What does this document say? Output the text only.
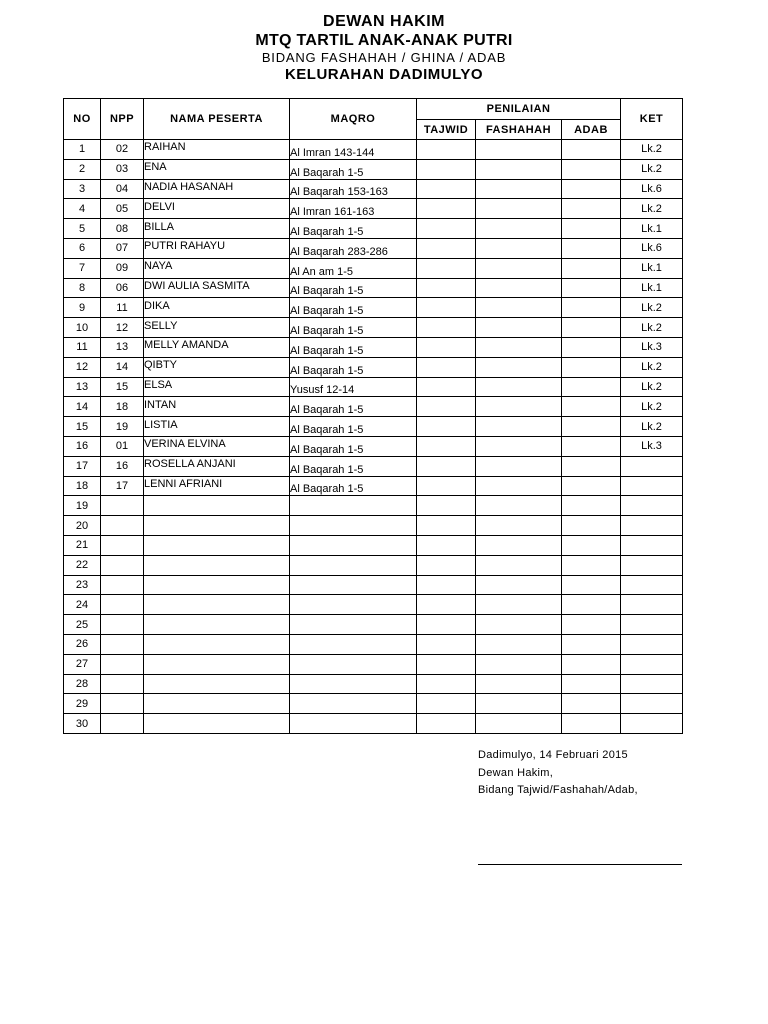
DEWAN HAKIM
MTQ TARTIL ANAK-ANAK PUTRI
BIDANG FASHAHAH / GHINA / ADAB
KELURAHAN DADIMULYO
NO	NPP	NAMA PESERTA	MAQRO	PENILAIAN			KET
				TAJWID	FASHAHAH	ADAB	
1	02	RAIHAN	Al Imran 143-144				Lk.2
2	03	ENA	Al Baqarah 1-5				Lk.2
3	04	NADIA HASANAH	Al Baqarah 153-163				Lk.6
4	05	DELVI	Al Imran 161-163				Lk.2
5	08	BILLA	Al Baqarah 1-5				Lk.1
6	07	PUTRI RAHAYU	Al Baqarah 283-286				Lk.6
7	09	NAYA	Al An am 1-5				Lk.1
8	06	DWI AULIA SASMITA	Al Baqarah 1-5				Lk.1
9	11	DIKA	Al Baqarah 1-5				Lk.2
10	12	SELLY	Al Baqarah 1-5				Lk.2
11	13	MELLY AMANDA	Al Baqarah 1-5				Lk.3
12	14	QIBTY	Al Baqarah 1-5				Lk.2
13	15	ELSA	Yususf 12-14				Lk.2
14	18	INTAN	Al Baqarah 1-5				Lk.2
15	19	LISTIA	Al Baqarah 1-5				Lk.2
16	01	VERINA ELVINA	Al Baqarah 1-5				Lk.3
17	16	ROSELLA ANJANI	Al Baqarah 1-5				
18	17	LENNI AFRIANI	Al Baqarah 1-5				
19							
20							
21							
22							
23							
24							
25							
26							
27							
28							
29							
30							
Dadimulyo, 14 Februari 2015
Dewan Hakim,
Bidang Tajwid/Fashahah/Adab,
